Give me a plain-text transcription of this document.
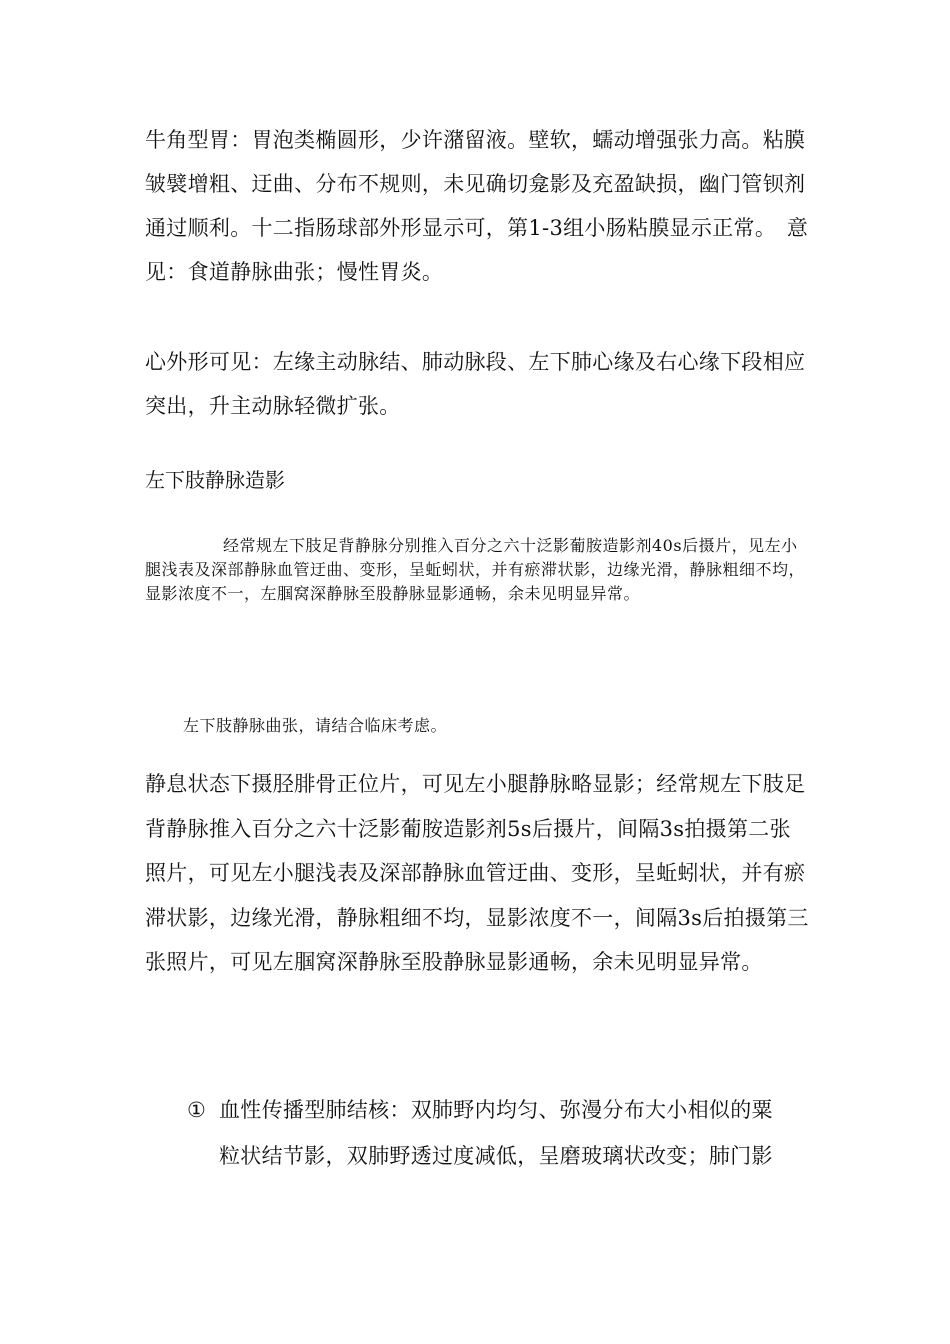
牛角型胃：胃泡类椭圆形，少许潴留液。壁软，蠕动增强张力高。粘膜皱襞增粗、迂曲、分布不规则，未见确切龛影及充盈缺损，幽门管钡剂通过顺利。十二指肠球部外形显示可，第1-3组小肠粘膜显示正常。　意见：食道静脉曲张；慢性胃炎。

心外形可见：左缘主动脉结、肺动脉段、左下肺心缘及右心缘下段相应突出，升主动脉轻微扩张。

左下肢静脉造影

经常规左下肢足背静脉分别推入百分之六十泛影葡胺造影剂40s后摄片，见左小腿浅表及深部静脉血管迂曲、变形，呈蚯蚓状，并有瘀滞状影，边缘光滑，静脉粗细不均，显影浓度不一，左腘窝深静脉至股静脉显影通畅，余未见明显异常。

左下肢静脉曲张，请结合临床考虑。

静息状态下摄胫腓骨正位片，可见左小腿静脉略显影；经常规左下肢足背静脉推入百分之六十泛影葡胺造影剂5s后摄片，间隔3s拍摄第二张照片，可见左小腿浅表及深部静脉血管迂曲、变形，呈蚯蚓状，并有瘀滞状影，边缘光滑，静脉粗细不均，显影浓度不一，间隔3s后拍摄第三张照片，可见左腘窝深静脉至股静脉显影通畅，余未见明显异常。

① 血性传播型肺结核：双肺野内均匀、弥漫分布大小相似的粟
粒状结节影，双肺野透过度减低，呈磨玻璃状改变；肺门影
